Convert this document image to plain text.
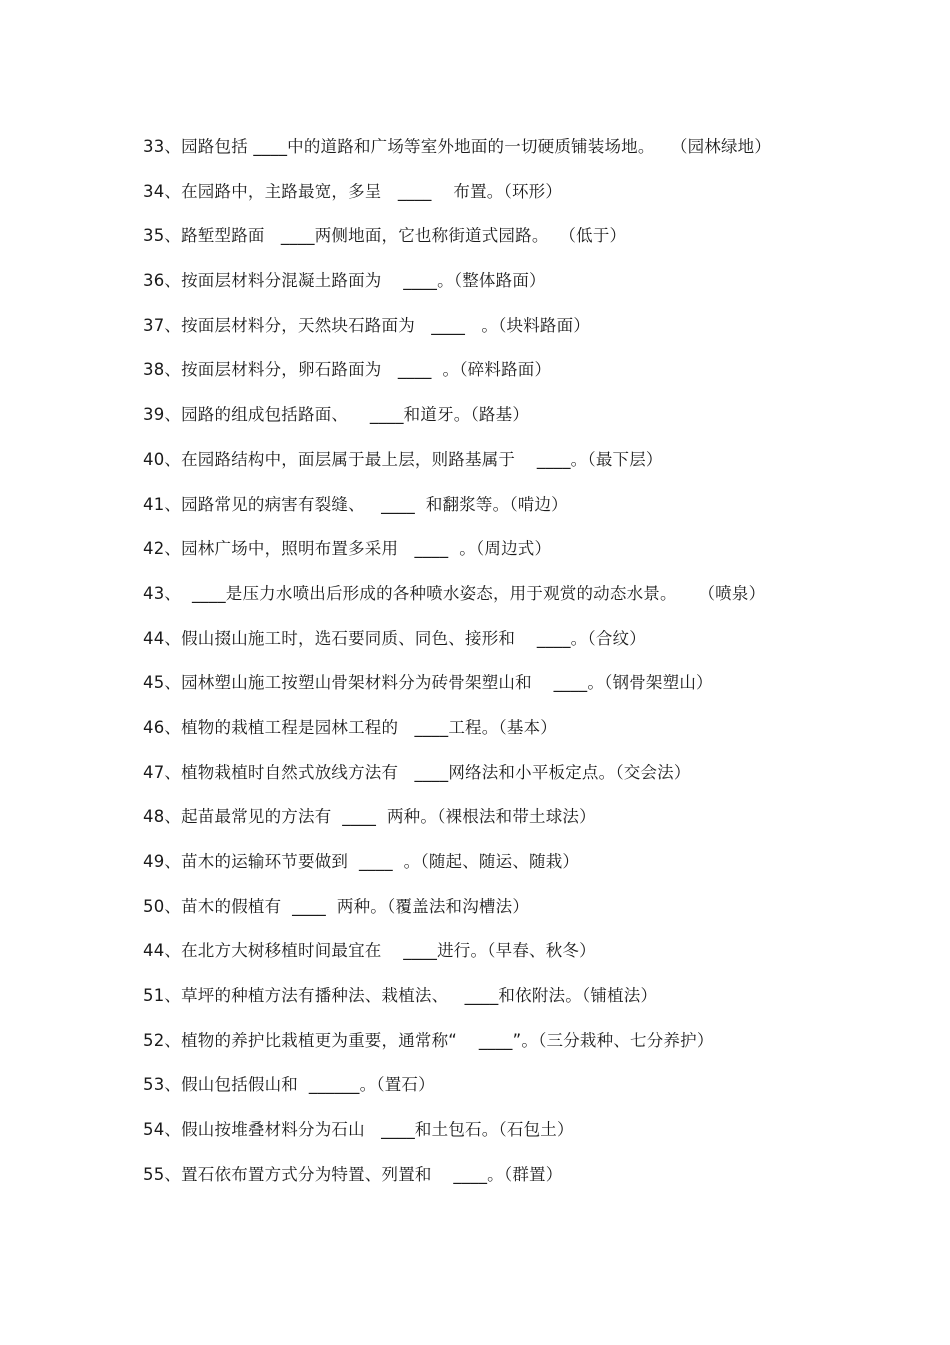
33、园路包括 ____中的道路和广场等室外地面的一切硬质铺装场地。   （园林绿地）
34、在园路中，主路最宽，多呈   ____    布置。（环形）
35、路堑型路面   ____两侧地面，它也称街道式园路。  （低于）
36、按面层材料分混凝土路面为    ____。（整体路面）
37、按面层材料分，天然块石路面为   ____   。（块料路面）
38、按面层材料分，卵石路面为   ____  。（碎料路面）
39、园路的组成包括路面、    ____和道牙。（路基）
40、在园路结构中，面层属于最上层，则路基属于    ____。（最下层）
41、园路常见的病害有裂缝、   ____  和翻浆等。（啃边）
42、园林广场中，照明布置多采用   ____  。（周边式）
43、  ____是压力水喷出后形成的各种喷水姿态，用于观赏的动态水景。    （喷泉）
44、假山掇山施工时，选石要同质、同色、接形和    ____。（合纹）
45、园林塑山施工按塑山骨架材料分为砖骨架塑山和    ____。（钢骨架塑山）
46、植物的栽植工程是园林工程的   ____工程。（基本）
47、植物栽植时自然式放线方法有   ____网络法和小平板定点。（交会法）
48、起苗最常见的方法有  ____  两种。（裸根法和带土球法）
49、苗木的运输环节要做到  ____  。（随起、随运、随栽）
50、苗木的假植有  ____  两种。（覆盖法和沟槽法）
44、在北方大树移植时间最宜在    ____进行。（早春、秋冬）
51、草坪的种植方法有播种法、栽植法、   ____和依附法。（铺植法）
52、植物的养护比栽植更为重要，通常称“    ____”。（三分栽种、七分养护）
53、假山包括假山和  ______。（置石）
54、假山按堆叠材料分为石山   ____和土包石。（石包土）
55、置石依布置方式分为特置、列置和    ____。（群置）
